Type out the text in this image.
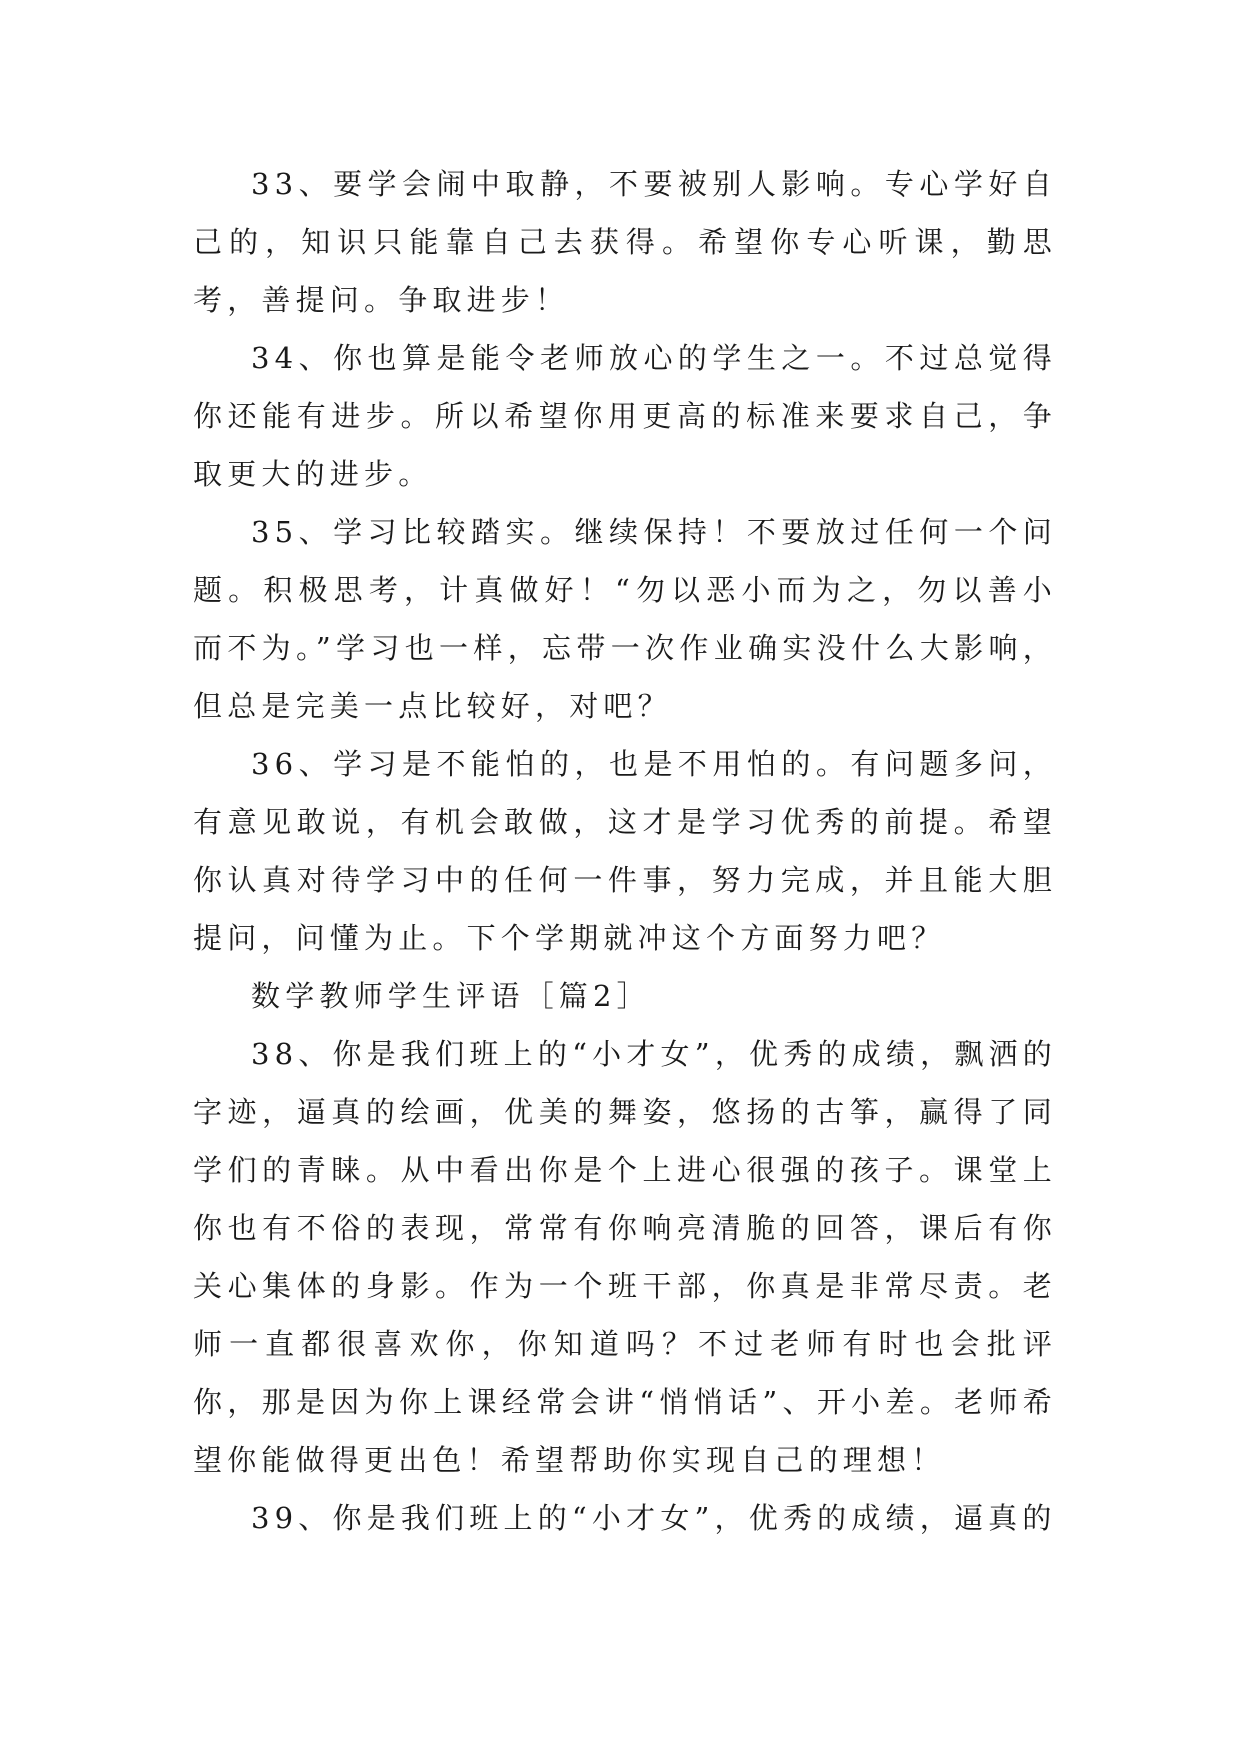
33、要学会闹中取静，不要被别人影响。专心学好自己的，知识只能靠自己去获得。希望你专心听课，勤思考，善提问。争取进步！

34、你也算是能令老师放心的学生之一。不过总觉得你还能有进步。所以希望你用更高的标准来要求自己，争取更大的进步。

35、学习比较踏实。继续保持！不要放过任何一个问题。积极思考，计真做好！“勿以恶小而为之，勿以善小而不为。”学习也一样，忘带一次作业确实没什么大影响，但总是完美一点比较好，对吧？

36、学习是不能怕的，也是不用怕的。有问题多问，有意见敢说，有机会敢做，这才是学习优秀的前提。希望你认真对待学习中的任何一件事，努力完成，并且能大胆提问，问懂为止。下个学期就冲这个方面努力吧？

数学教师学生评语［篇2］

38、你是我们班上的“小才女”，优秀的成绩，飘洒的字迹，逼真的绘画，优美的舞姿，悠扬的古筝，赢得了同学们的青睐。从中看出你是个上进心很强的孩子。课堂上你也有不俗的表现，常常有你响亮清脆的回答，课后有你关心集体的身影。作为一个班干部，你真是非常尽责。老师一直都很喜欢你，你知道吗？不过老师有时也会批评你，那是因为你上课经常会讲“悄悄话”、开小差。老师希望你能做得更出色！希望帮助你实现自己的理想！

39、你是我们班上的“小才女”，优秀的成绩，逼真的
